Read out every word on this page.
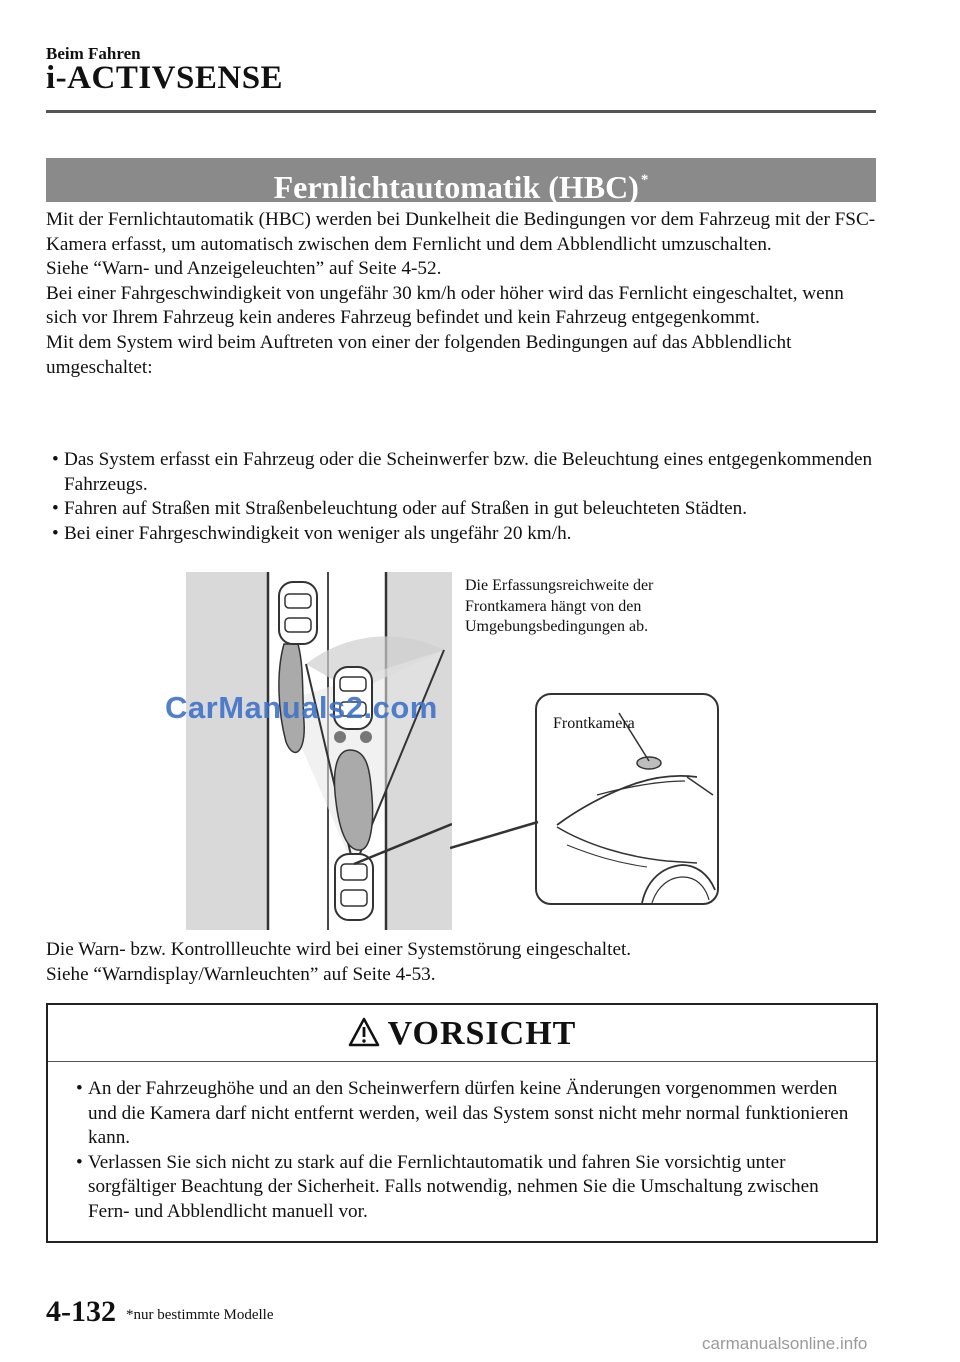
Beim Fahren
i-ACTIVSENSE
Fernlichtautomatik (HBC) *

Mit der Fernlichtautomatik (HBC) werden bei Dunkelheit die Bedingungen vor dem Fahrzeug mit der FSC-Kamera erfasst, um automatisch zwischen dem Fernlicht und dem Abblendlicht umzuschalten.

Siehe “Warn- und Anzeigeleuchten” auf Seite 4-52.

Bei einer Fahrgeschwindigkeit von ungefähr 30 km/h oder höher wird das Fernlicht eingeschaltet, wenn sich vor Ihrem Fahrzeug kein anderes Fahrzeug befindet und kein Fahrzeug entgegenkommt.

Mit dem System wird beim Auftreten von einer der folgenden Bedingungen auf das Abblendlicht umgeschaltet:

• Das System erfasst ein Fahrzeug oder die Scheinwerfer bzw. die Beleuchtung eines entgegenkommenden Fahrzeugs.

• Fahren auf Straßen mit Straßenbeleuchtung oder auf Straßen in gut beleuchteten Städten.

• Bei einer Fahrgeschwindigkeit von weniger als ungefähr 20 km/h.

CarManuals2.com
Die Erfassungsreichweite der Frontkamera hängt von den Umgebungsbedingungen ab.
Frontkamera

Die Warn- bzw. Kontrollleuchte wird bei einer Systemstörung eingeschaltet.

Siehe “Warndisplay/Warnleuchten” auf Seite 4-53.

VORSICHT

• An der Fahrzeughöhe und an den Scheinwerfern dürfen keine Änderungen vorgenommen werden und die Kamera darf nicht entfernt werden, weil das System sonst nicht mehr normal funktionieren kann.

• Verlassen Sie sich nicht zu stark auf die Fernlichtautomatik und fahren Sie vorsichtig unter sorgfältiger Beachtung der Sicherheit. Falls notwendig, nehmen Sie die Umschaltung zwischen Fern- und Abblendlicht manuell vor.

4-132 *nur bestimmte Modelle
carmanualsonline.info
